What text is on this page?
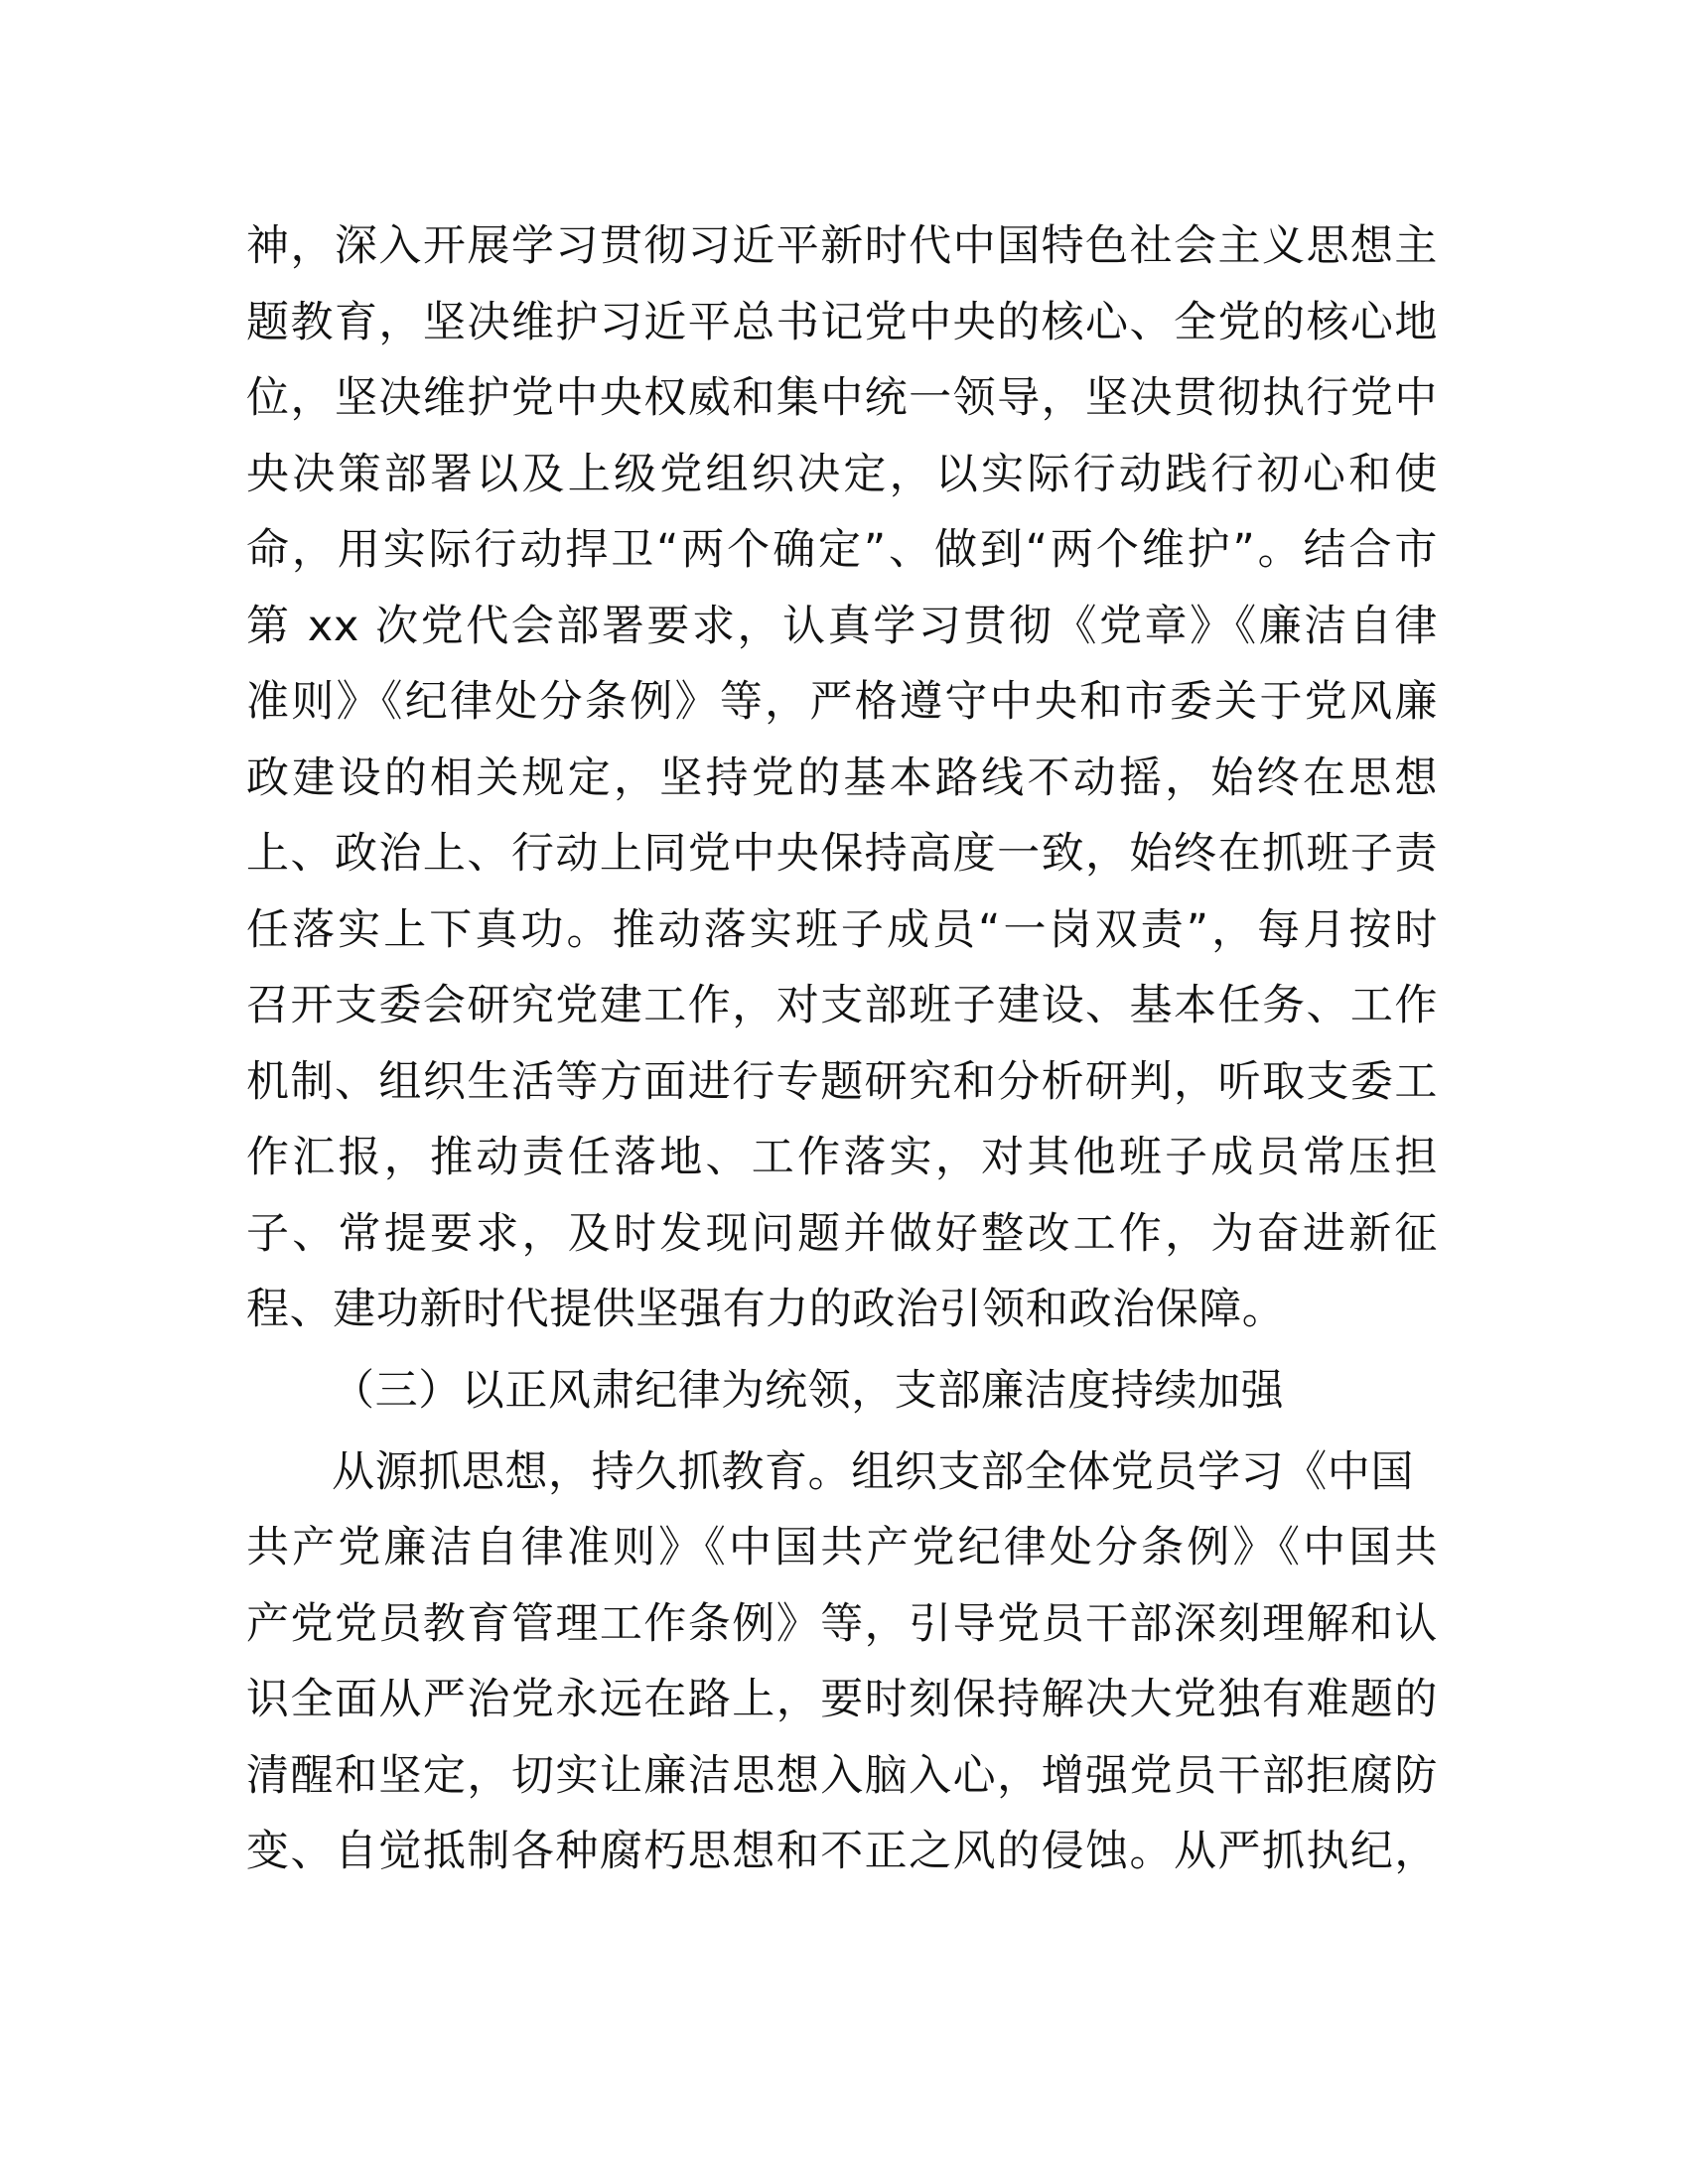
神，深入开展学习贯彻习近平新时代中国特色社会主义思想主
题教育，坚决维护习近平总书记党中央的核心、全党的核心地
位，坚决维护党中央权威和集中统一领导，坚决贯彻执行党中
央决策部署以及上级党组织决定，以实际行动践行初心和使
命，用实际行动捍卫“两个确定”、做到“两个维护”。结合市
第 xx 次党代会部署要求，认真学习贯彻《党章》《廉洁自律
准则》《纪律处分条例》等，严格遵守中央和市委关于党风廉
政建设的相关规定，坚持党的基本路线不动摇，始终在思想
上、政治上、行动上同党中央保持高度一致，始终在抓班子责
任落实上下真功。推动落实班子成员“一岗双责”，每月按时
召开支委会研究党建工作，对支部班子建设、基本任务、工作
机制、组织生活等方面进行专题研究和分析研判，听取支委工
作汇报，推动责任落地、工作落实，对其他班子成员常压担
子、常提要求，及时发现问题并做好整改工作，为奋进新征
程、建功新时代提供坚强有力的政治引领和政治保障。
（三）以正风肃纪律为统领，支部廉洁度持续加强
从源抓思想，持久抓教育。组织支部全体党员学习《中国
共产党廉洁自律准则》《中国共产党纪律处分条例》《中国共
产党党员教育管理工作条例》等，引导党员干部深刻理解和认
识全面从严治党永远在路上，要时刻保持解决大党独有难题的
清醒和坚定，切实让廉洁思想入脑入心，增强党员干部拒腐防
变、自觉抵制各种腐朽思想和不正之风的侵蚀。从严抓执纪，
